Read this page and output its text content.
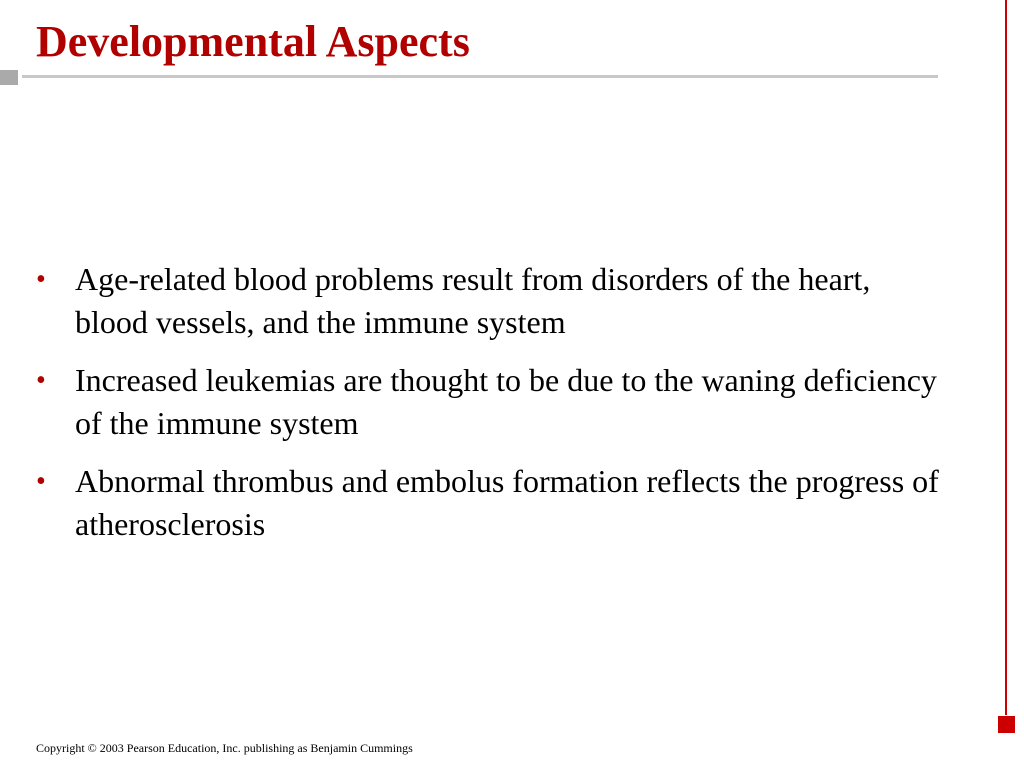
Developmental Aspects
• Age-related blood problems result from disorders of the heart, blood vessels, and the immune system
• Increased leukemias are thought to be due to the waning deficiency of the immune system
• Abnormal thrombus and embolus formation reflects the progress of atherosclerosis
Copyright © 2003 Pearson Education, Inc. publishing as Benjamin Cummings
